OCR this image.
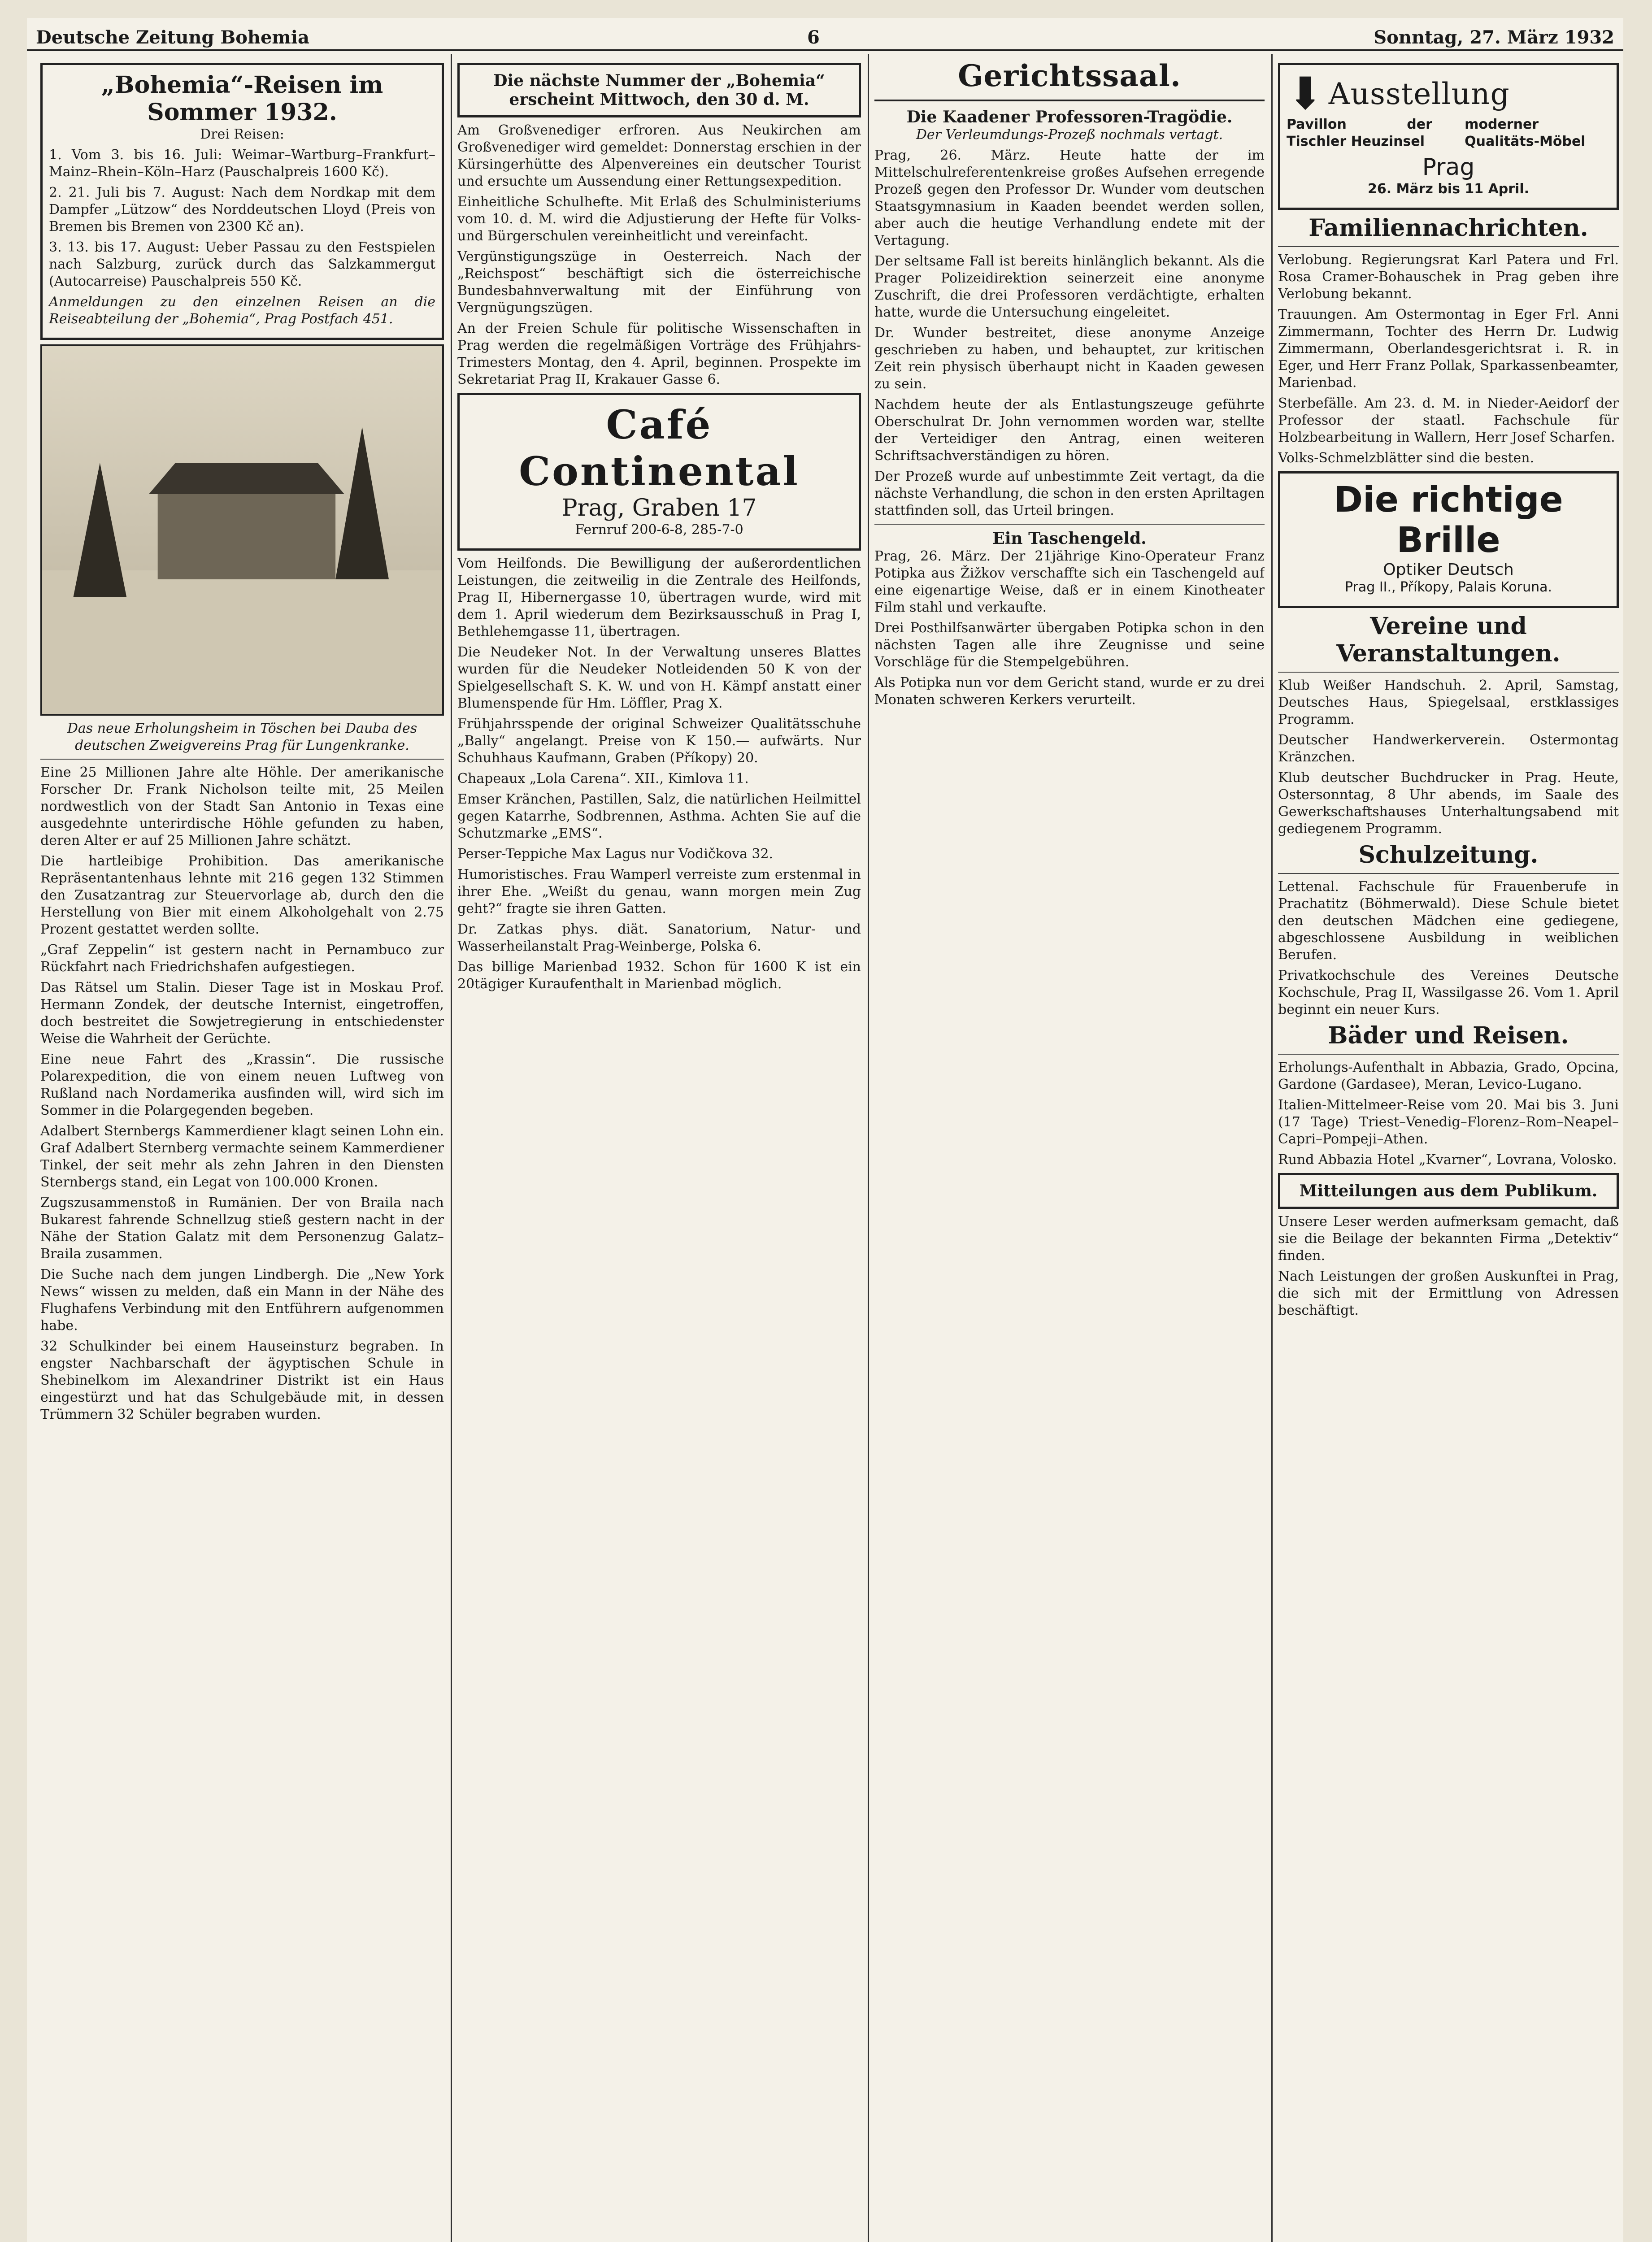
Deutsche Zeitung Bohemia	6	Sonntag, 27. März 1932
„Bohemia“-Reisen im Sommer 1932.

Drei Reisen:

1. Vom 3. bis 16. Juli: Weimar–Wartburg–Frankfurt–Mainz–Rhein–Köln–Harz (Pauschalpreis 1600 Kč).

2. 21. Juli bis 7. August: Nach dem Nordkap mit dem Dampfer „Lützow“ des Norddeutschen Lloyd (Preis von Bremen bis Bremen von 2300 Kč an).

3. 13. bis 17. August: Ueber Passau zu den Festspielen nach Salzburg, zurück durch das Salzkammergut (Autocarreise) Pauschalpreis 550 Kč.

Anmeldungen zu den einzelnen Reisen an die Reiseabteilung der „Bohemia“, Prag Postfach 451.

Das neue Erholungsheim in Töschen bei Dauba des deutschen Zweigvereins Prag für Lungenkranke.

Eine 25 Millionen Jahre alte Höhle. Der amerikanische Forscher Dr. Frank Nicholson teilte mit, 25 Meilen nordwestlich von der Stadt San Antonio in Texas eine ausgedehnte unterirdische Höhle gefunden zu haben, deren Alter er auf 25 Millionen Jahre schätzt.

Die hartleibige Prohibition. Das amerikanische Repräsentantenhaus lehnte mit 216 gegen 132 Stimmen den Zusatzantrag zur Steuervorlage ab, durch den die Herstellung von Bier mit einem Alkoholgehalt von 2.75 Prozent gestattet werden sollte.

„Graf Zeppelin“ ist gestern nacht in Pernambuco zur Rückfahrt nach Friedrichshafen aufgestiegen.

Das Rätsel um Stalin. Dieser Tage ist in Moskau Prof. Hermann Zondek, der deutsche Internist, eingetroffen, doch bestreitet die Sowjetregierung in entschiedenster Weise die Wahrheit der Gerüchte.

Eine neue Fahrt des „Krassin“. Die russische Polarexpedition, die von einem neuen Luftweg von Rußland nach Nordamerika ausfinden will, wird sich im Sommer in die Polargegenden begeben.

Adalbert Sternbergs Kammerdiener klagt seinen Lohn ein. Graf Adalbert Sternberg vermachte seinem Kammerdiener Tinkel, der seit mehr als zehn Jahren in den Diensten Sternbergs stand, ein Legat von 100.000 Kronen.

Zugszusammenstoß in Rumänien. Der von Braila nach Bukarest fahrende Schnellzug stieß gestern nacht in der Nähe der Station Galatz mit dem Personenzug Galatz–Braila zusammen.

Die Suche nach dem jungen Lindbergh. Die „New York News“ wissen zu melden, daß ein Mann in der Nähe des Flughafens Verbindung mit den Entführern aufgenommen habe.

32 Schulkinder bei einem Hauseinsturz begraben. In engster Nachbarschaft der ägyptischen Schule in Shebinelkom im Alexandriner Distrikt ist ein Haus eingestürzt und hat das Schulgebäude mit, in dessen Trümmern 32 Schüler begraben wurden.

Die nächste Nummer der „Bohemia“ erscheint Mittwoch, den 30 d. M.

Am Großvenediger erfroren. Aus Neukirchen am Großvenediger wird gemeldet: Donnerstag erschien in der Kürsingerhütte des Alpenvereines ein deutscher Tourist und ersuchte um Aussendung einer Rettungsexpedition.

Einheitliche Schulhefte. Mit Erlaß des Schulministeriums vom 10. d. M. wird die Adjustierung der Hefte für Volks- und Bürgerschulen vereinheitlicht und vereinfacht.

Vergünstigungszüge in Oesterreich. Nach der „Reichspost“ beschäftigt sich die österreichische Bundesbahnverwaltung mit der Einführung von Vergnügungszügen.

An der Freien Schule für politische Wissenschaften in Prag werden die regelmäßigen Vorträge des Frühjahrs-Trimesters Montag, den 4. April, beginnen. Prospekte im Sekretariat Prag II, Krakauer Gasse 6.

Café Continental
Prag, Graben 17

Fernruf 200-6-8, 285-7-0

Vom Heilfonds. Die Bewilligung der außerordentlichen Leistungen, die zeitweilig in die Zentrale des Heilfonds, Prag II, Hibernergasse 10, übertragen wurde, wird mit dem 1. April wiederum dem Bezirksausschuß in Prag I, Bethlehemgasse 11, übertragen.

Die Neudeker Not. In der Verwaltung unseres Blattes wurden für die Neudeker Notleidenden 50 K von der Spielgesellschaft S. K. W. und von H. Kämpf anstatt einer Blumenspende für Hm. Löffler, Prag X.

Frühjahrsspende der original Schweizer Qualitätsschuhe „Bally“ angelangt. Preise von K 150.— aufwärts. Nur Schuhhaus Kaufmann, Graben (Příkopy) 20.

Chapeaux „Lola Carena“. XII., Kimlova 11.

Emser Kränchen, Pastillen, Salz, die natürlichen Heilmittel gegen Katarrhe, Sodbrennen, Asthma. Achten Sie auf die Schutzmarke „EMS“.

Perser-Teppiche Max Lagus nur Vodičkova 32.

Humoristisches. Frau Wamperl verreiste zum erstenmal in ihrer Ehe. „Weißt du genau, wann morgen mein Zug geht?“ fragte sie ihren Gatten.

Dr. Zatkas phys. diät. Sanatorium, Natur- und Wasserheilanstalt Prag-Weinberge, Polska 6.

Das billige Marienbad 1932. Schon für 1600 K ist ein 20tägiger Kuraufenthalt in Marienbad möglich.

Gerichtssaal.
Die Kaadener Professoren-Tragödie.

Der Verleumdungs-Prozeß nochmals vertagt.

Prag, 26. März. Heute hatte der im Mittelschulreferentenkreise großes Aufsehen erregende Prozeß gegen den Professor Dr. Wunder vom deutschen Staatsgymnasium in Kaaden beendet werden sollen, aber auch die heutige Verhandlung endete mit der Vertagung.

Der seltsame Fall ist bereits hinlänglich bekannt. Als die Prager Polizeidirektion seinerzeit eine anonyme Zuschrift, die drei Professoren verdächtigte, erhalten hatte, wurde die Untersuchung eingeleitet.

Dr. Wunder bestreitet, diese anonyme Anzeige geschrieben zu haben, und behauptet, zur kritischen Zeit rein physisch überhaupt nicht in Kaaden gewesen zu sein.

Nachdem heute der als Entlastungszeuge geführte Oberschulrat Dr. John vernommen worden war, stellte der Verteidiger den Antrag, einen weiteren Schriftsachverständigen zu hören.

Der Prozeß wurde auf unbestimmte Zeit vertagt, da die nächste Verhandlung, die schon in den ersten Apriltagen stattfinden soll, das Urteil bringen.

Ein Taschengeld.

Prag, 26. März. Der 21jährige Kino-Operateur Franz Potipka aus Žižkov verschaffte sich ein Taschengeld auf eine eigenartige Weise, daß er in einem Kinotheater Film stahl und verkaufte.

Drei Posthilfsanwärter übergaben Potipka schon in den nächsten Tagen alle ihre Zeugnisse und seine Vorschläge für die Stempelgebühren.

Als Potipka nun vor dem Gericht stand, wurde er zu drei Monaten schweren Kerkers verurteilt.

⬇ Ausstellung

Pavillon der Tischler Heuzinsel

moderner Qualitäts-Möbel

Prag

26. März bis 11 April.

Familiennachrichten.

Verlobung. Regierungsrat Karl Patera und Frl. Rosa Cramer-Bohauschek in Prag geben ihre Verlobung bekannt.

Trauungen. Am Ostermontag in Eger Frl. Anni Zimmermann, Tochter des Herrn Dr. Ludwig Zimmermann, Oberlandesgerichtsrat i. R. in Eger, und Herr Franz Pollak, Sparkassenbeamter, Marienbad.

Sterbefälle. Am 23. d. M. in Nieder-Aeidorf der Professor der staatl. Fachschule für Holzbearbeitung in Wallern, Herr Josef Scharfen.

Volks-Schmelzblätter sind die besten.

Die richtige Brille
Optiker Deutsch

Prag II., Příkopy, Palais Koruna.

Vereine und Veranstaltungen.

Klub Weißer Handschuh. 2. April, Samstag, Deutsches Haus, Spiegelsaal, erstklassiges Programm.

Deutscher Handwerkerverein. Ostermontag Kränzchen.

Klub deutscher Buchdrucker in Prag. Heute, Ostersonntag, 8 Uhr abends, im Saale des Gewerkschaftshauses Unterhaltungsabend mit gediegenem Programm.

Schulzeitung.

Lettenal. Fachschule für Frauenberufe in Prachatitz (Böhmerwald). Diese Schule bietet den deutschen Mädchen eine gediegene, abgeschlossene Ausbildung in weiblichen Berufen.

Privatkochschule des Vereines Deutsche Kochschule, Prag II, Wassilgasse 26. Vom 1. April beginnt ein neuer Kurs.

Bäder und Reisen.

Erholungs-Aufenthalt in Abbazia, Grado, Opcina, Gardone (Gardasee), Meran, Levico-Lugano.

Italien-Mittelmeer-Reise vom 20. Mai bis 3. Juni (17 Tage) Triest–Venedig–Florenz–Rom–Neapel–Capri–Pompeji–Athen.

Rund Abbazia Hotel „Kvarner“, Lovrana, Volosko.

Mitteilungen aus dem Publikum.

Unsere Leser werden aufmerksam gemacht, daß sie die Beilage der bekannten Firma „Detektiv“ finden.

Nach Leistungen der großen Auskunftei in Prag, die sich mit der Ermittlung von Adressen beschäftigt.
